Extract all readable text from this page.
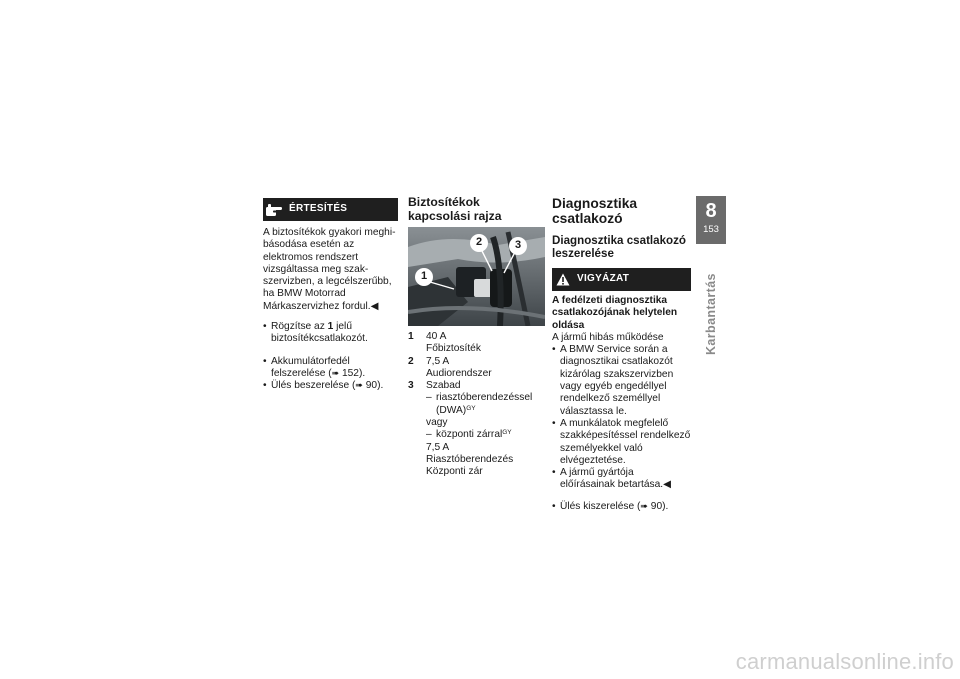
ÉRTESÍTÉS
A biztosítékok gyakori meghibásodása esetén az elektromos rendszert vizsgáltassa meg szakszervizben, a legcélszerűbb, ha BMW Motorrad Márkaszervizhez fordul.◀
• Rögzítse az 1 jelű biztosítékcsatlakozót.
• Akkumulátorfedél felszerelése (➠ 152).
• Ülés beszerelése (➠ 90).
Biztosítékok kapcsolási rajza
1
2	3
1	40 A
Főbiztosíték
2	7,5 A
Audiorendszer
3	Szabad
– riasztóberendezéssel (DWA)$^{GY}$
vagy
– központi zárral$^{GY}$
7,5 A
Riasztóberendezés
Központi zár
Diagnosztika csatlakozó
Diagnosztika csatlakozó leszerelése
VIGYÁZAT
A fedélzeti diagnosztika csatlakozójának helytelen oldása
A jármű hibás működése
• A BMW Service során a diagnosztikai csatlakozót kizárólag szakszervizben vagy egyéb engedéllyel rendelkező személlyel választassa le.
• A munkálatok megfelelő szakképesítéssel rendelkező személyekkel való elvégeztetése.
• A jármű gyártója előírásainak betartása.◀
• Ülés kiszerelése (➠ 90).
8
153
Karbantartás
carmanualsonline.info
